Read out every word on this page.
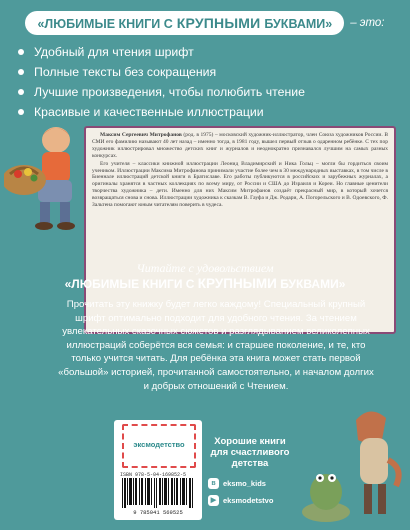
«ЛЮБИМЫЕ КНИГИ С КРУПНЫМИ БУКВАМИ» – это:
Удобный для чтения шрифт
Полные тексты без сокращения
Лучшие произведения, чтобы полюбить чтение
Красивые и качественные иллюстрации

Максим Сергеевич Митрофанов (род. в 1975) – московский художник-иллюстратор, член Союза художников России. В СМИ его фамилию называют 40 лет назад – именно тогда, в 1981 году, вышел первый отзыв о одаренном ребёнке. С тех пор художник иллюстрировал множество детских книг и журналов и неоднократно признавался лучшим на самых разных конкурсах.

Его учителя – классики книжной иллюстрации Леонид Владимирский и Ника Гольц – могли бы гордиться своим учеником. Иллюстрации Максима Митрофанова принимали участие более чем в 30 международных выставках, в том числе в Биеннале иллюстраций детской книги в Братиславе. Его работы публикуются в российских и зарубежных журналах, а оригиналы хранятся в частных коллекциях по всему миру, от России и США до Израиля и Кореи. Но главные ценители творчества художника – дети. Именно для них Максим Митрофанов создаёт прекрасный мир, в который хочется возвращаться снова и снова. Иллюстрации художника к сказкам В. Гауфа и Дж. Родари, А. Погорельского и В. Одоевского, Ф. Зальтена помогают юным читателям поверить в чудеса.

Читайте с удовольствием
«ЛЮБИМЫЕ КНИГИ С КРУПНЫМИ БУКВАМИ»
Прочитать эту книжку будет легко каждому! Специальный крупный шрифт оптимально подходит для удобного чтения. За чтением увлекательных сказочных сюжетов и разглядыванием великолепных иллюстраций соберётся вся семья: и старшее поколение, и те, кто только учится читать. Для ребёнка эта книга может стать первой «большой» историей, прочитанной самостоятельно, и началом долгих и добрых отношений с Чтением.
эксмодетство
ISBN 978-5-04-169852-5
9 785041 569525
Хорошие книги для счастливого детства
в eksmo_kids
▶ eksmodetstvo
